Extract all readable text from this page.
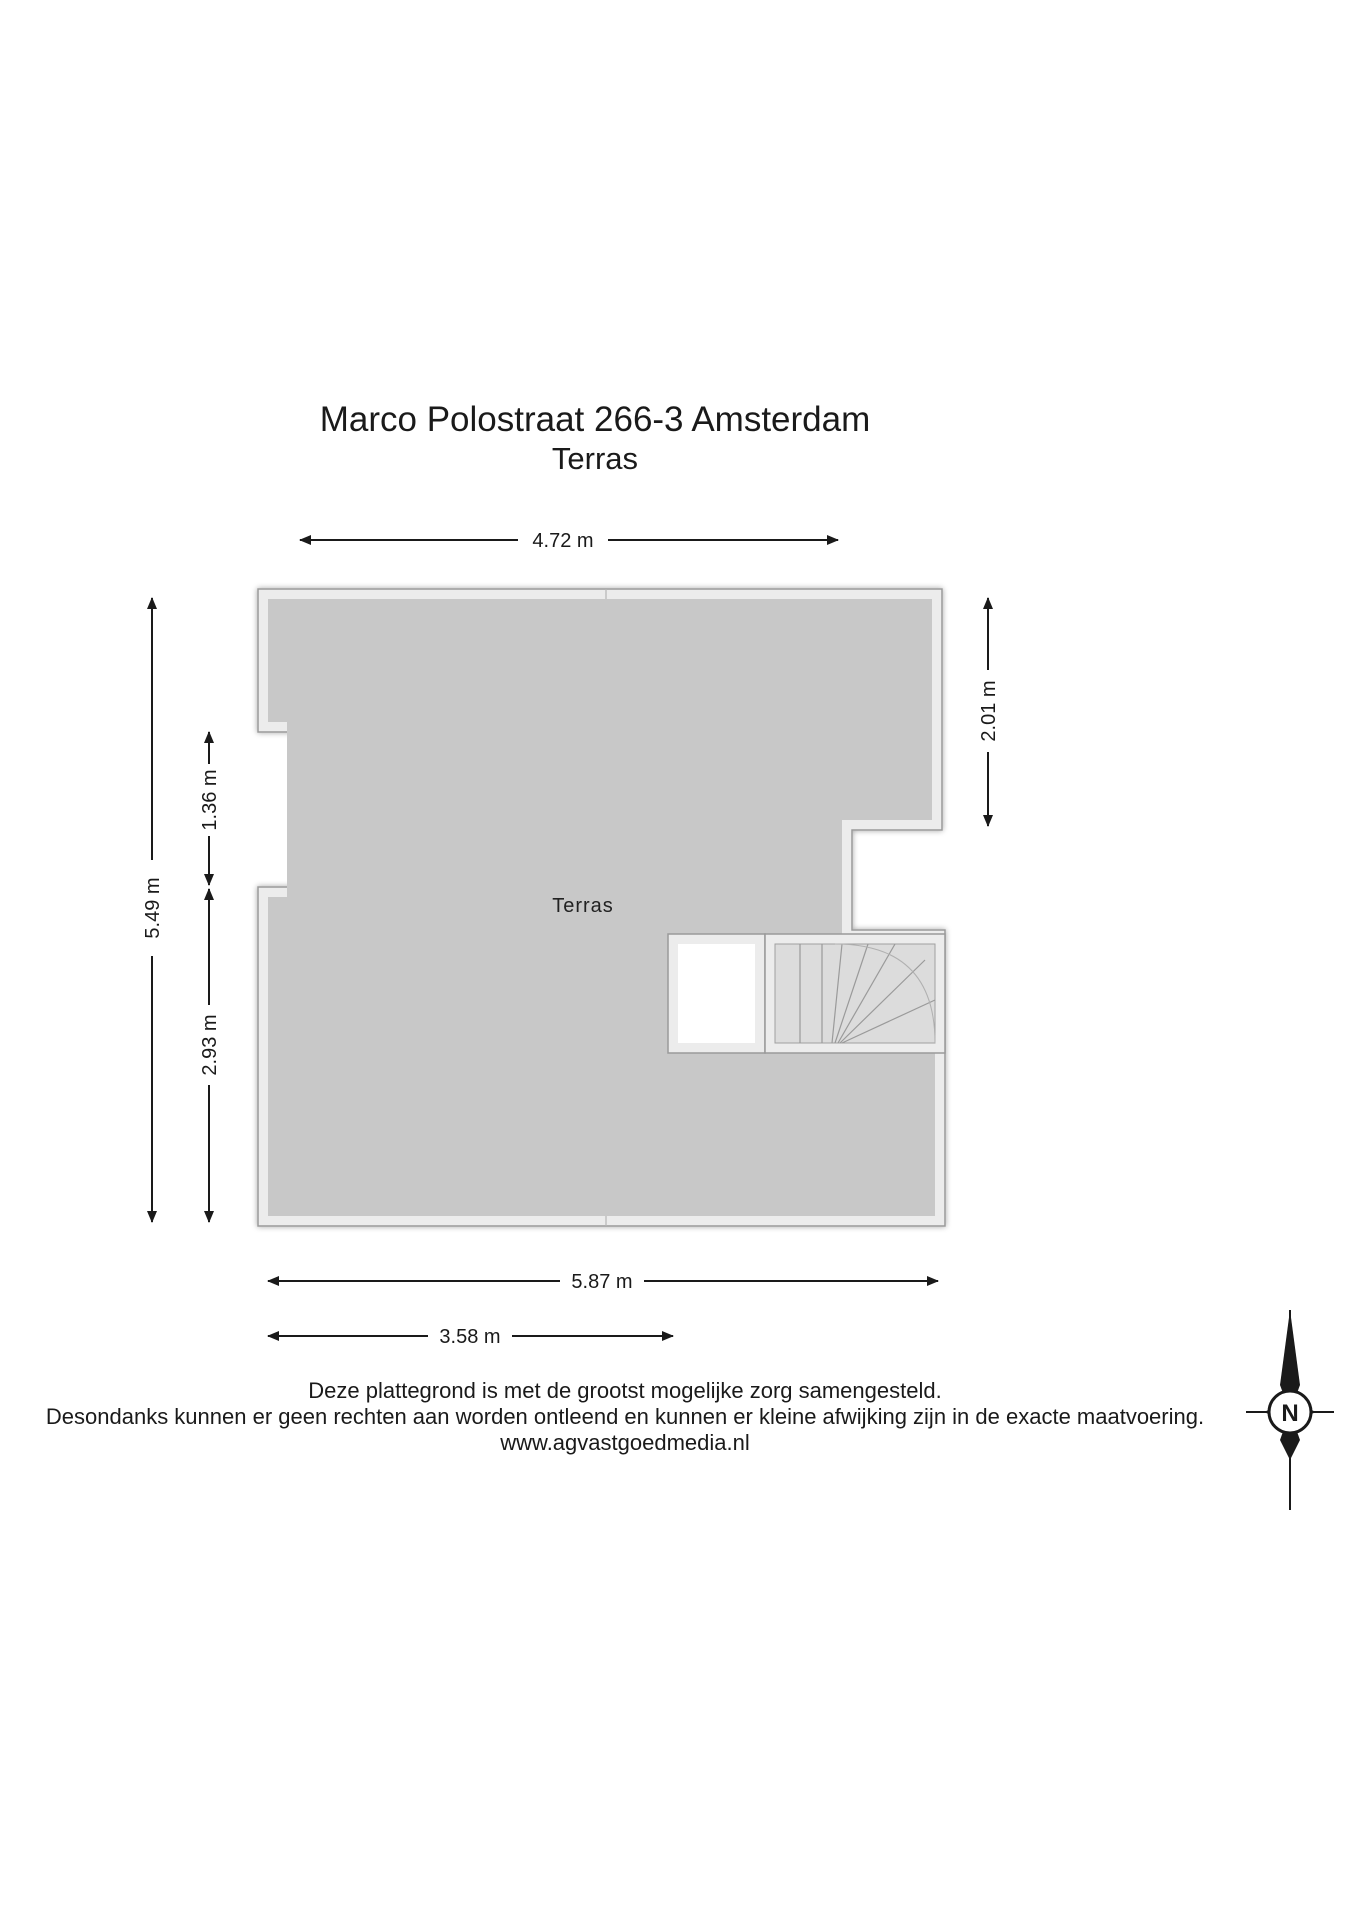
Marco Polostraat 266-3 Amsterdam
Terras
Terras
4.72 m
5.87 m
3.58 m
5.49 m
1.36 m
2.93 m
2.01 m
N
Deze plattegrond is met de grootst mogelijke zorg samengesteld.
Desondanks kunnen er geen rechten aan worden ontleend en kunnen er kleine afwijking zijn in de exacte maatvoering.
www.agvastgoedmedia.nl
